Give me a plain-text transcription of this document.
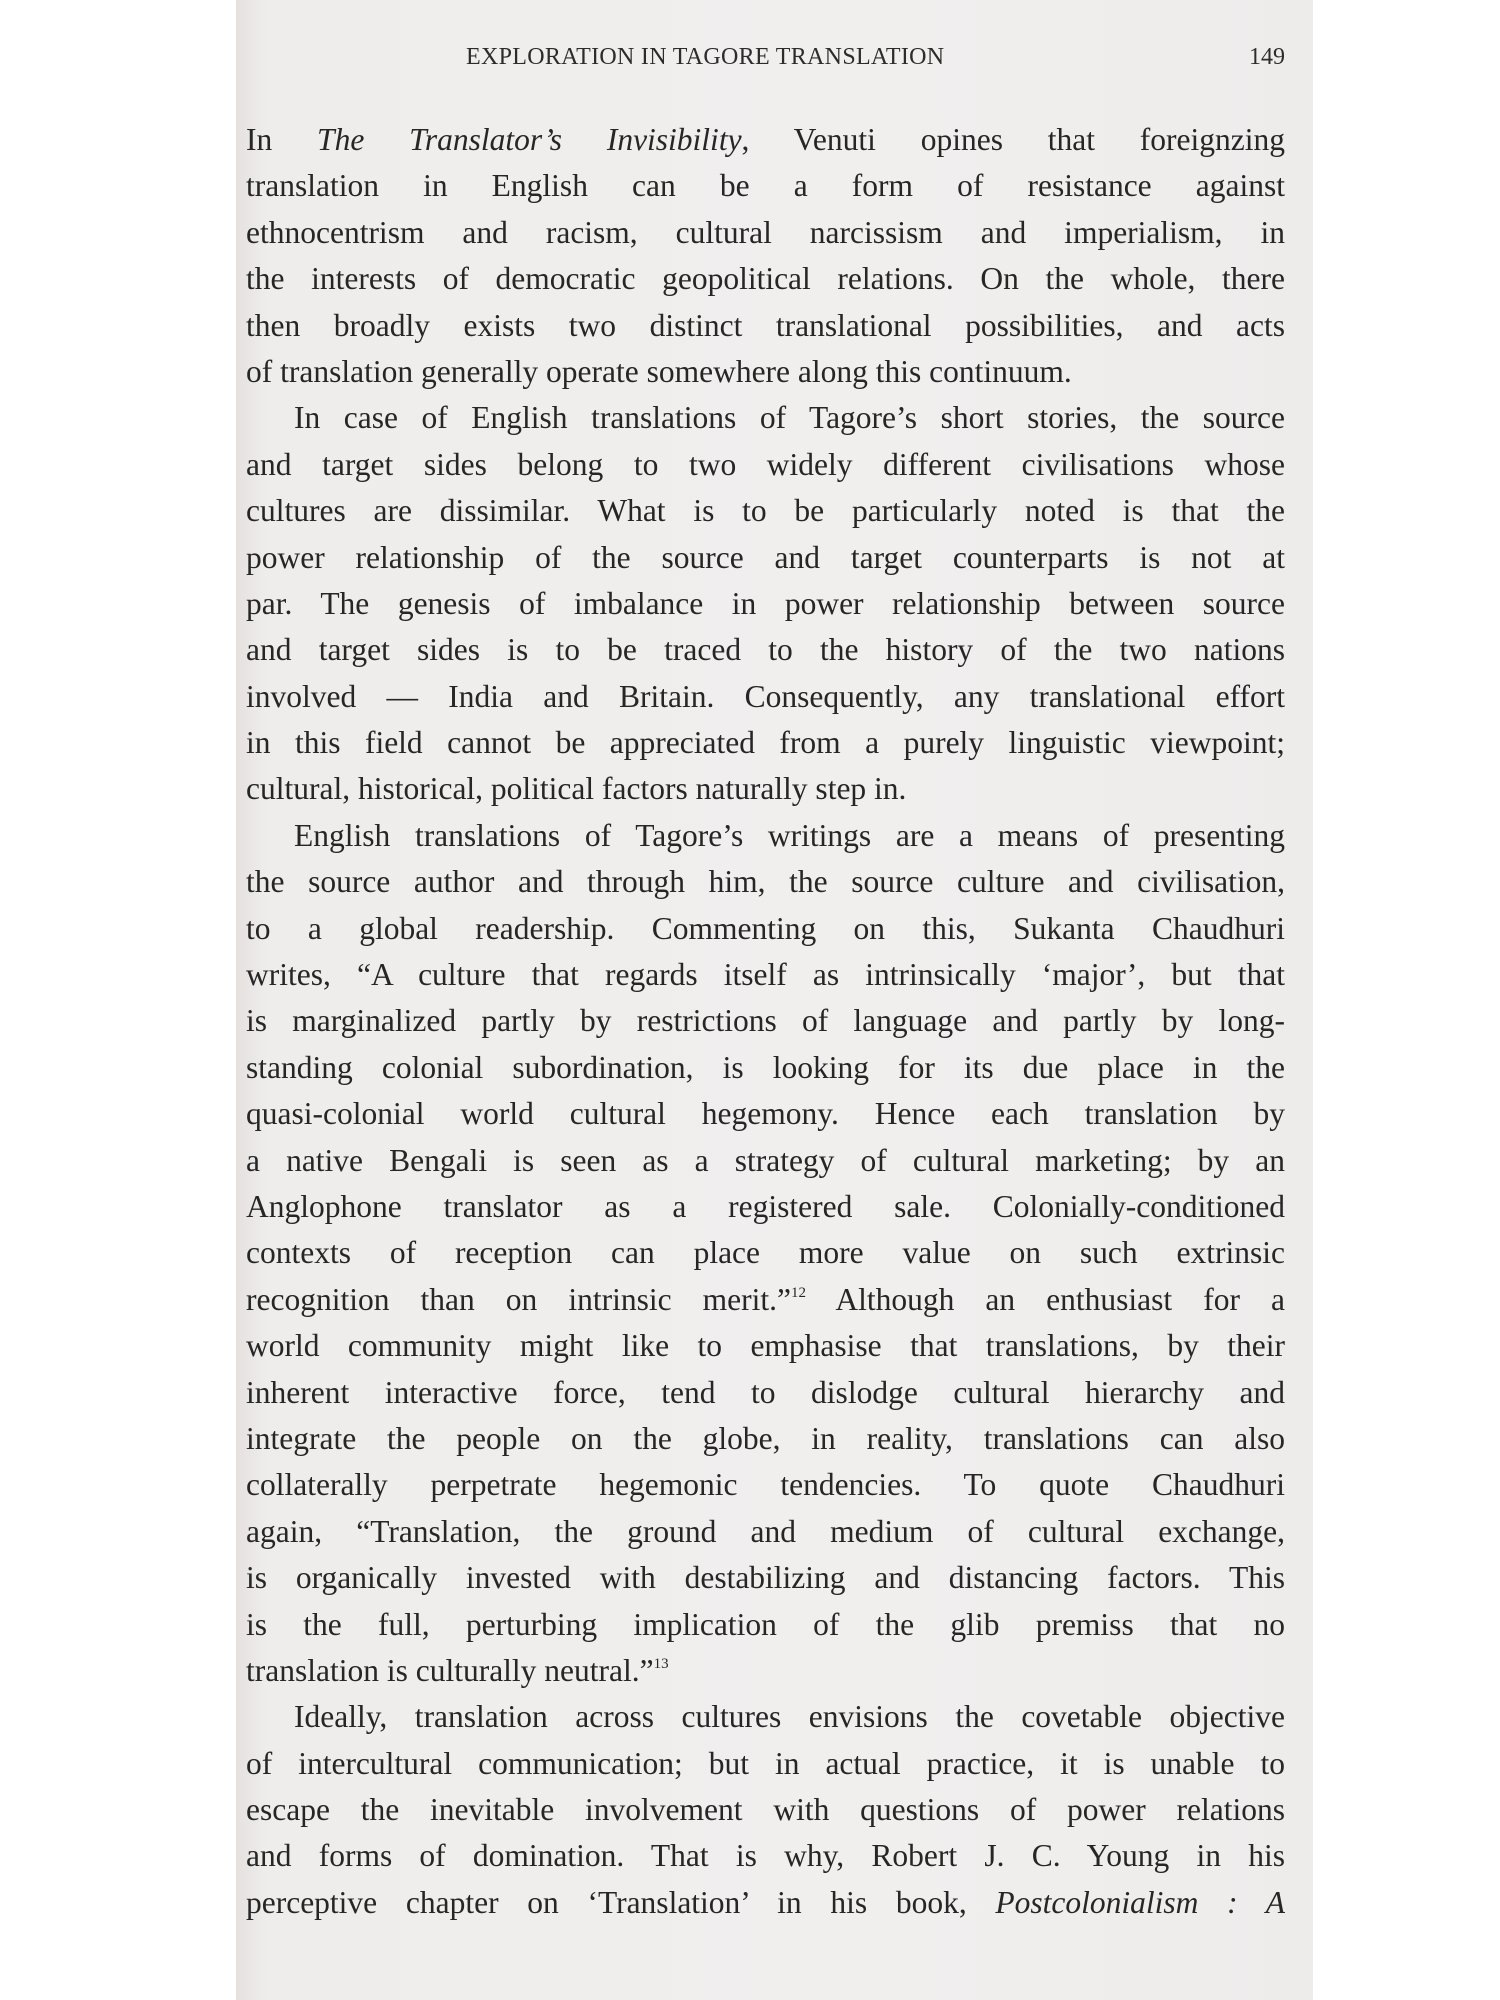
EXPLORATION IN TAGORE TRANSLATION	149
In The Translator’s Invisibility, Venuti opines that foreignzing
translation in English can be a form of resistance against
ethnocentrism and racism, cultural narcissism and imperialism, in
the interests of democratic geopolitical relations. On the whole, there
then broadly exists two distinct translational possibilities, and acts
of translation generally operate somewhere along this continuum.
In case of English translations of Tagore’s short stories, the source
and target sides belong to two widely different civilisations whose
cultures are dissimilar. What is to be particularly noted is that the
power relationship of the source and target counterparts is not at
par. The genesis of imbalance in power relationship between source
and target sides is to be traced to the history of the two nations
involved — India and Britain. Consequently, any translational effort
in this field cannot be appreciated from a purely linguistic viewpoint;
cultural, historical, political factors naturally step in.
English translations of Tagore’s writings are a means of presenting
the source author and through him, the source culture and civilisation,
to a global readership. Commenting on this, Sukanta Chaudhuri
writes, “A culture that regards itself as intrinsically ‘major’, but that
is marginalized partly by restrictions of language and partly by long-
standing colonial subordination, is looking for its due place in the
quasi-colonial world cultural hegemony. Hence each translation by
a native Bengali is seen as a strategy of cultural marketing; by an
Anglophone translator as a registered sale. Colonially-conditioned
contexts of reception can place more value on such extrinsic
recognition than on intrinsic merit.”$^{12}$ Although an enthusiast for a
world community might like to emphasise that translations, by their
inherent interactive force, tend to dislodge cultural hierarchy and
integrate the people on the globe, in reality, translations can also
collaterally perpetrate hegemonic tendencies. To quote Chaudhuri
again, “Translation, the ground and medium of cultural exchange,
is organically invested with destabilizing and distancing factors. This
is the full, perturbing implication of the glib premiss that no
translation is culturally neutral.”$^{13}$
Ideally, translation across cultures envisions the covetable objective
of intercultural communication; but in actual practice, it is unable to
escape the inevitable involvement with questions of power relations
and forms of domination. That is why, Robert J. C. Young in his
perceptive chapter on ‘Translation’ in his book, Postcolonialism : A
